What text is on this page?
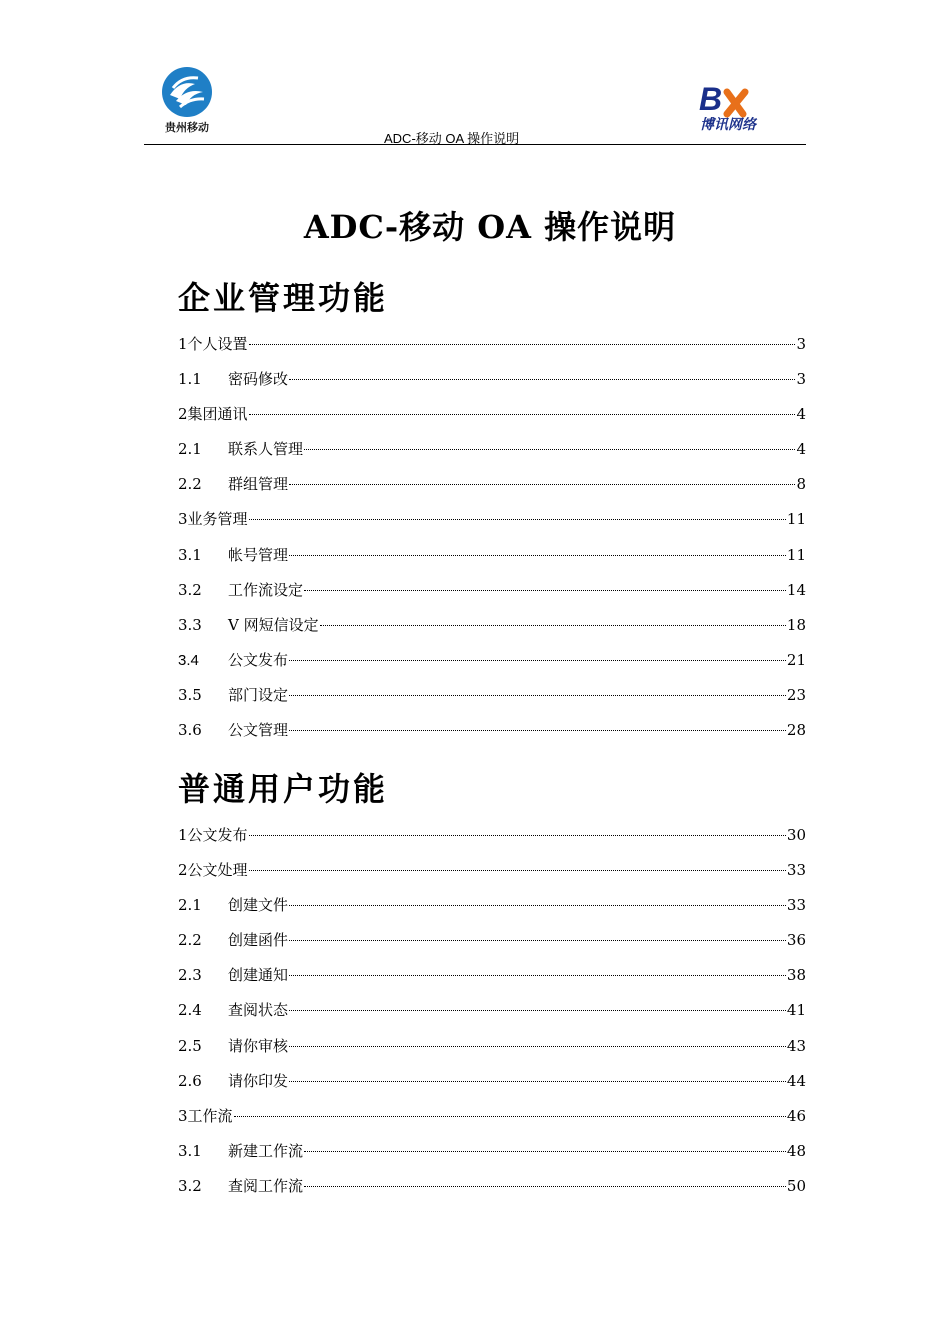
贵州移动
ADC-移动 OA 操作说明
B
博讯网络
ADC-移动 OA 操作说明
企业管理功能
1 个人设置	3
1.1	密码修改	3
2 集团通讯	4
2.1	联系人管理	4
2.2	群组管理	8
3 业务管理	11
3.1	帐号管理	11
3.2	工作流设定	14
3.3	V 网短信设定	18
3.4	公文发布	21
3.5	部门设定	23
3.6	公文管理	28
普通用户功能
1 公文发布	30
2 公文处理	33
2.1	创建文件	33
2.2	创建函件	36
2.3	创建通知	38
2.4	查阅状态	41
2.5	请你审核	43
2.6	请你印发	44
3 工作流	46
3.1	新建工作流	48
3.2	查阅工作流	50
